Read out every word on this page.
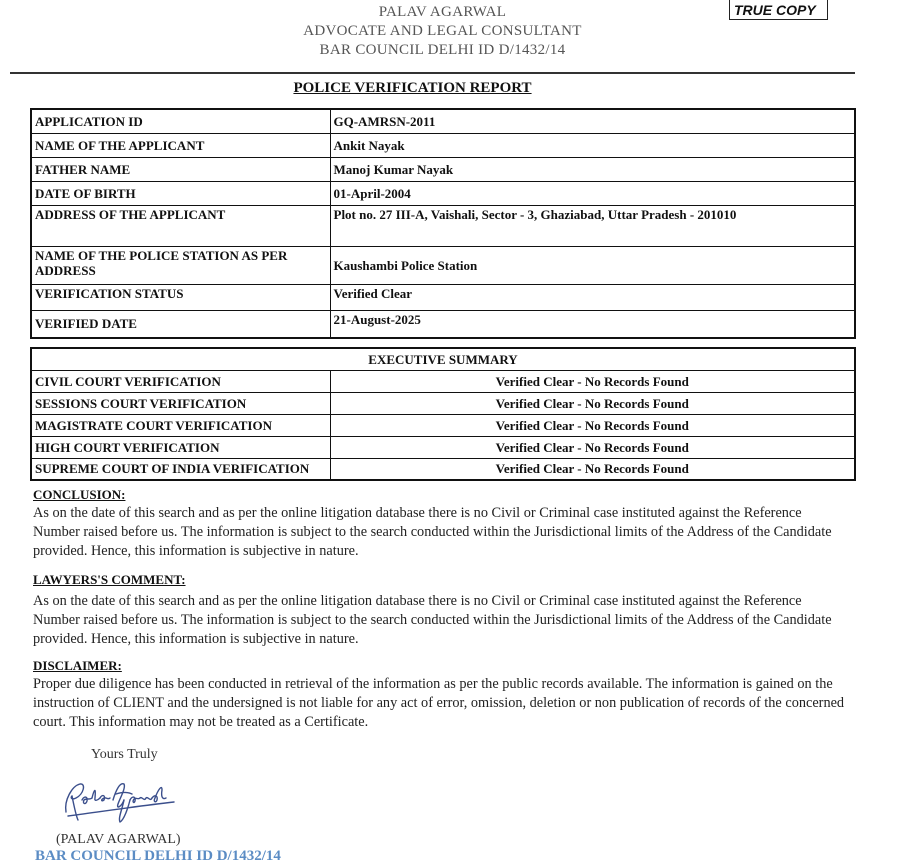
PALAV AGARWAL
ADVOCATE AND LEGAL CONSULTANT
BAR COUNCIL DELHI ID D/1432/14
TRUE COPY
POLICE VERIFICATION REPORT
APPLICATION ID	GQ-AMRSN-2011
NAME OF THE APPLICANT	Ankit Nayak
FATHER NAME	Manoj Kumar Nayak
DATE OF BIRTH	01-April-2004
ADDRESS OF THE APPLICANT	Plot no. 27 III-A, Vaishali, Sector - 3, Ghaziabad, Uttar Pradesh - 201010
NAME OF THE POLICE STATION AS PER ADDRESS	Kaushambi Police Station
VERIFICATION STATUS	Verified Clear
VERIFIED DATE	21-August-2025
EXECUTIVE SUMMARY	
CIVIL COURT VERIFICATION	Verified Clear - No Records Found
SESSIONS COURT VERIFICATION	Verified Clear - No Records Found
MAGISTRATE COURT VERIFICATION	Verified Clear - No Records Found
HIGH COURT VERIFICATION	Verified Clear - No Records Found
SUPREME COURT OF INDIA VERIFICATION	Verified Clear - No Records Found
CONCLUSION:
As on the date of this search and as per the online litigation database there is no Civil or Criminal case instituted against the Reference Number raised before us. The information is subject to the search conducted within the Jurisdictional limits of the Address of the Candidate provided. Hence, this information is subjective in nature.
LAWYERS'S COMMENT:
As on the date of this search and as per the online litigation database there is no Civil or Criminal case instituted against the Reference Number raised before us. The information is subject to the search conducted within the Jurisdictional limits of the Address of the Candidate provided. Hence, this information is subjective in nature.
DISCLAIMER:
Proper due diligence has been conducted in retrieval of the information as per the public records available. The information is gained on the instruction of CLIENT and the undersigned is not liable for any act of error, omission, deletion or non publication of records of the concerned court. This information may not be treated as a Certificate.
Yours Truly
(PALAV AGARWAL)
BAR COUNCIL DELHI ID D/1432/14
